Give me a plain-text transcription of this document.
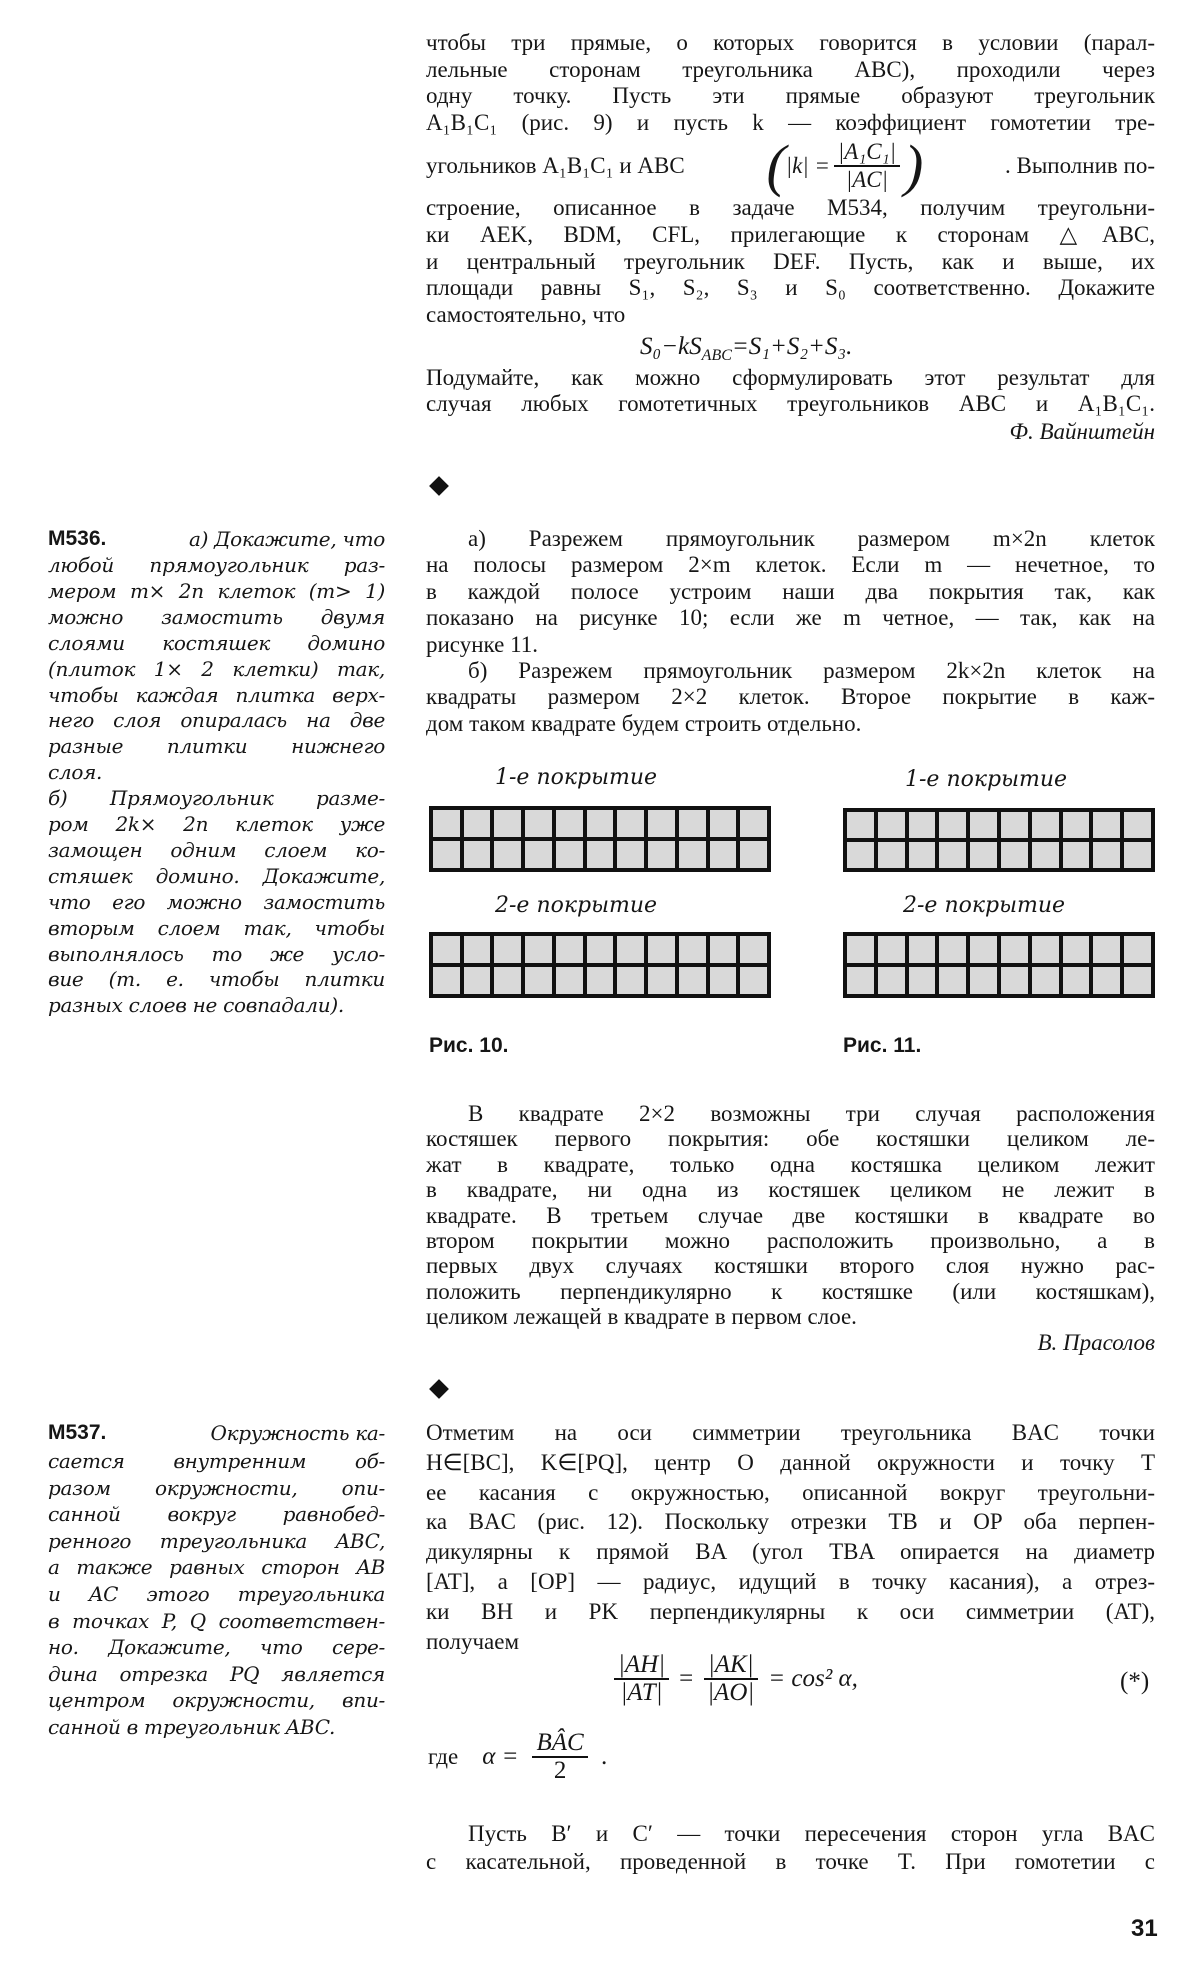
чтобы три прямые, о которых говорится в условии (парал-
лельные сторонам треугольника ABC), проходили через
одну точку. Пусть эти прямые образуют треугольник
A₁B₁C₁ (рис. 9) и пусть k — коэффициент гомотетии тре-
угольников A₁B₁C₁ и ABC ( $|k| = \frac{\text{|A₁C₁|}}{|AC|}$ )	. Выполнив по-
строение, описанное в задаче M534, получим треугольни-
ки AEK, BDM, CFL, прилегающие к сторонам △ABC,
и центральный треугольник DEF. Пусть, как и выше, их
площади равны S₁, S₂, S₃ и S₀ соответственно. Докажите
самостоятельно, что
$S_0-kS_{ABC}=S_1+S_2+S_3$.
Подумайте, как можно сформулировать этот результат для
случая любых гомотетичных треугольников ABC и A₁B₁C₁.
Ф. Вайнштейн
M536.	а) Докажите, что
любой прямоугольник раз-
мером m× 2n клеток (m> 1)
можно замостить двумя
слоями костяшек домино
(плиток 1× 2 клетки) так,
чтобы каждая плитка верх-
него слоя опиралась на две
разные плитки нижнего
слоя.
б) Прямоугольник разме-
ром 2k× 2n клеток уже
замощен одним слоем ко-
стяшек домино. Докажите,
что его можно замостить
вторым слоем так, чтобы
выполнялось то же усло-
вие (т. е. чтобы плитки
разных слоев не совпадали).
а) Разрежем прямоугольник размером m×2n клеток
на полосы размером 2×m клеток. Если m — нечетное, то
в каждой полосе устроим наши два покрытия так, как
показано на рисунке 10; если же m четное, — так, как на
рисунке 11.
б) Разрежем прямоугольник размером 2k×2n клеток на
квадраты размером 2×2 клеток. Второе покрытие в каж-
дом таком квадрате будем строить отдельно.
1-е покрытие
2-е покрытие
Рис. 10.
1-е покрытие
2-е покрытие
Рис. 11.
В квадрате 2×2 возможны три случая расположения
костяшек первого покрытия: обе костяшки целиком ле-
жат в квадрате, только одна костяшка целиком лежит
в квадрате, ни одна из костяшек целиком не лежит в
квадрате. В третьем случае две костяшки в квадрате во
втором покрытии можно расположить произвольно, а в
первых двух случаях костяшки второго слоя нужно рас-
положить перпендикулярно к костяшке (или костяшкам),
целиком лежащей в квадрате в первом слое.
В. Прасолов
M537.	Окружность ка-
сается внутренним об-
разом окружности, опи-
санной вокруг равнобед-
ренного треугольника ABC,
а также равных сторон AB
и AC этого треугольника
в точках P, Q соответствен-
но. Докажите, что сере-
дина отрезка PQ является
центром окружности, впи-
санной в треугольник ABC.
Отметим на оси симметрии треугольника BAC точки
H∈[BC], K∈[PQ], центр O данной окружности и точку T
ее касания с окружностью, описанной вокруг треугольни-
ка BAC (рис. 12). Поскольку отрезки TB и OP оба перпен-
дикулярны к прямой BA (угол TBA опирается на диаметр
[AT], а [OP] — радиус, идущий в точку касания), а отрез-
ки BH и PK перпендикулярны к оси симметрии (AT),
получаем
$\frac{|AH|}{|AT|} = \frac{|AK|}{|AO|} = \cos^2$ α,	(*)
где $\alpha = \frac{\text{BÂC}}{2}$ .
Пусть B′ и C′ — точки пересечения сторон угла BAC
с касательной, проведенной в точке T. При гомотетии с
31
